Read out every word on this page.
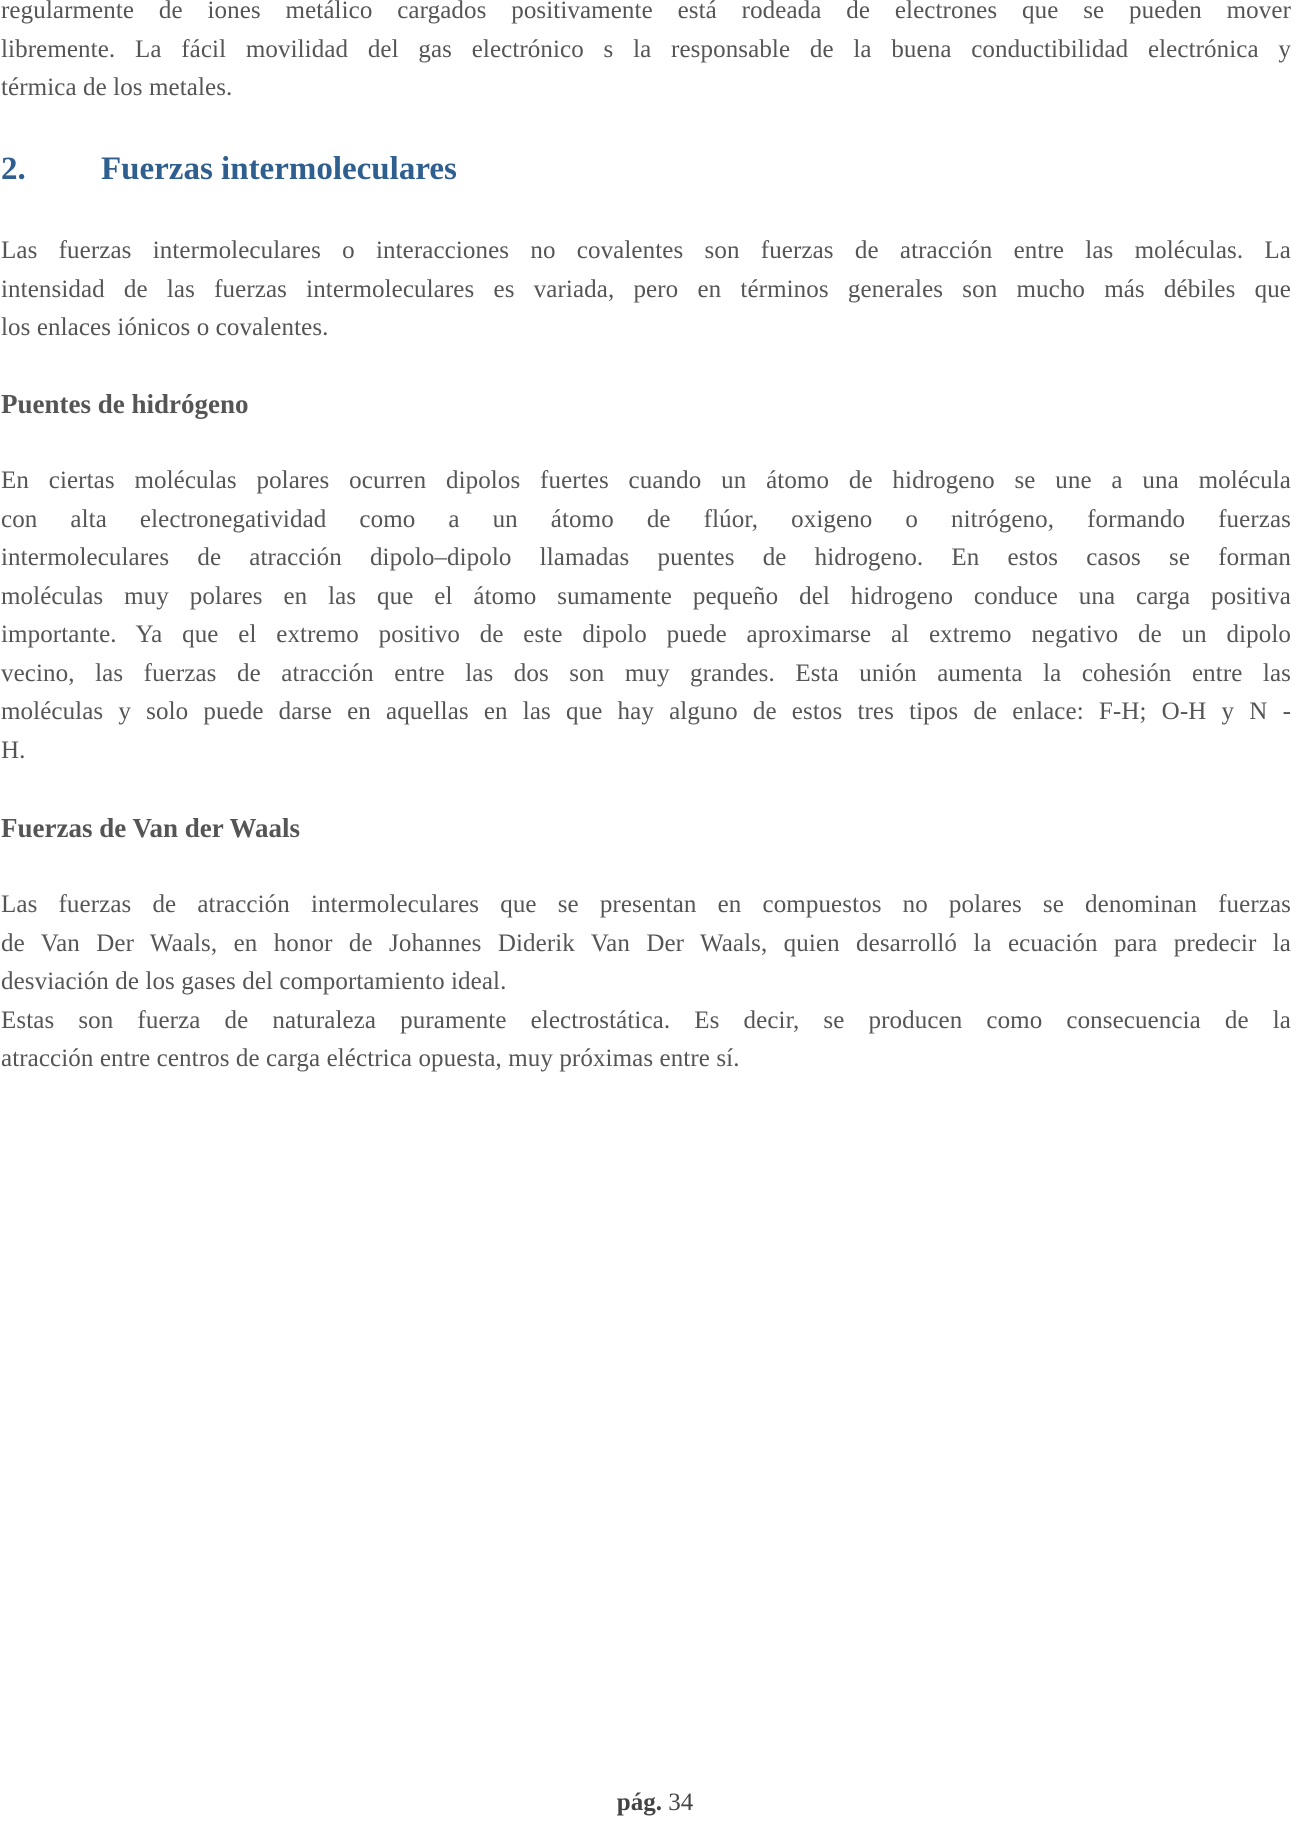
regularmente de iones metálico cargados positivamente está rodeada de electrones que se pueden mover
libremente. La fácil movilidad del gas electrónico s la responsable de la buena conductibilidad electrónica y
térmica de los metales.

2. Fuerzas intermoleculares

Las fuerzas intermoleculares o interacciones no covalentes son fuerzas de atracción entre las moléculas. La
intensidad de las fuerzas intermoleculares es variada, pero en términos generales son mucho más débiles que
los enlaces iónicos o covalentes.

Puentes de hidrógeno

En ciertas moléculas polares ocurren dipolos fuertes cuando un átomo de hidrogeno se une a una molécula
con alta electronegatividad como a un átomo de flúor, oxigeno o nitrógeno, formando fuerzas
intermoleculares de atracción dipolo–dipolo llamadas puentes de hidrogeno. En estos casos se forman
moléculas muy polares en las que el átomo sumamente pequeño del hidrogeno conduce una carga positiva
importante. Ya que el extremo positivo de este dipolo puede aproximarse al extremo negativo de un dipolo
vecino, las fuerzas de atracción entre las dos son muy grandes. Esta unión aumenta la cohesión entre las
moléculas y solo puede darse en aquellas en las que hay alguno de estos tres tipos de enlace: F-H; O-H y N -
H.

Fuerzas de Van der Waals

Las fuerzas de atracción intermoleculares que se presentan en compuestos no polares se denominan fuerzas
de Van Der Waals, en honor de Johannes Diderik Van Der Waals, quien desarrolló la ecuación para predecir la
desviación de los gases del comportamiento ideal.
Estas son fuerza de naturaleza puramente electrostática. Es decir, se producen como consecuencia de la
atracción entre centros de carga eléctrica opuesta, muy próximas entre sí.

pág. 34
